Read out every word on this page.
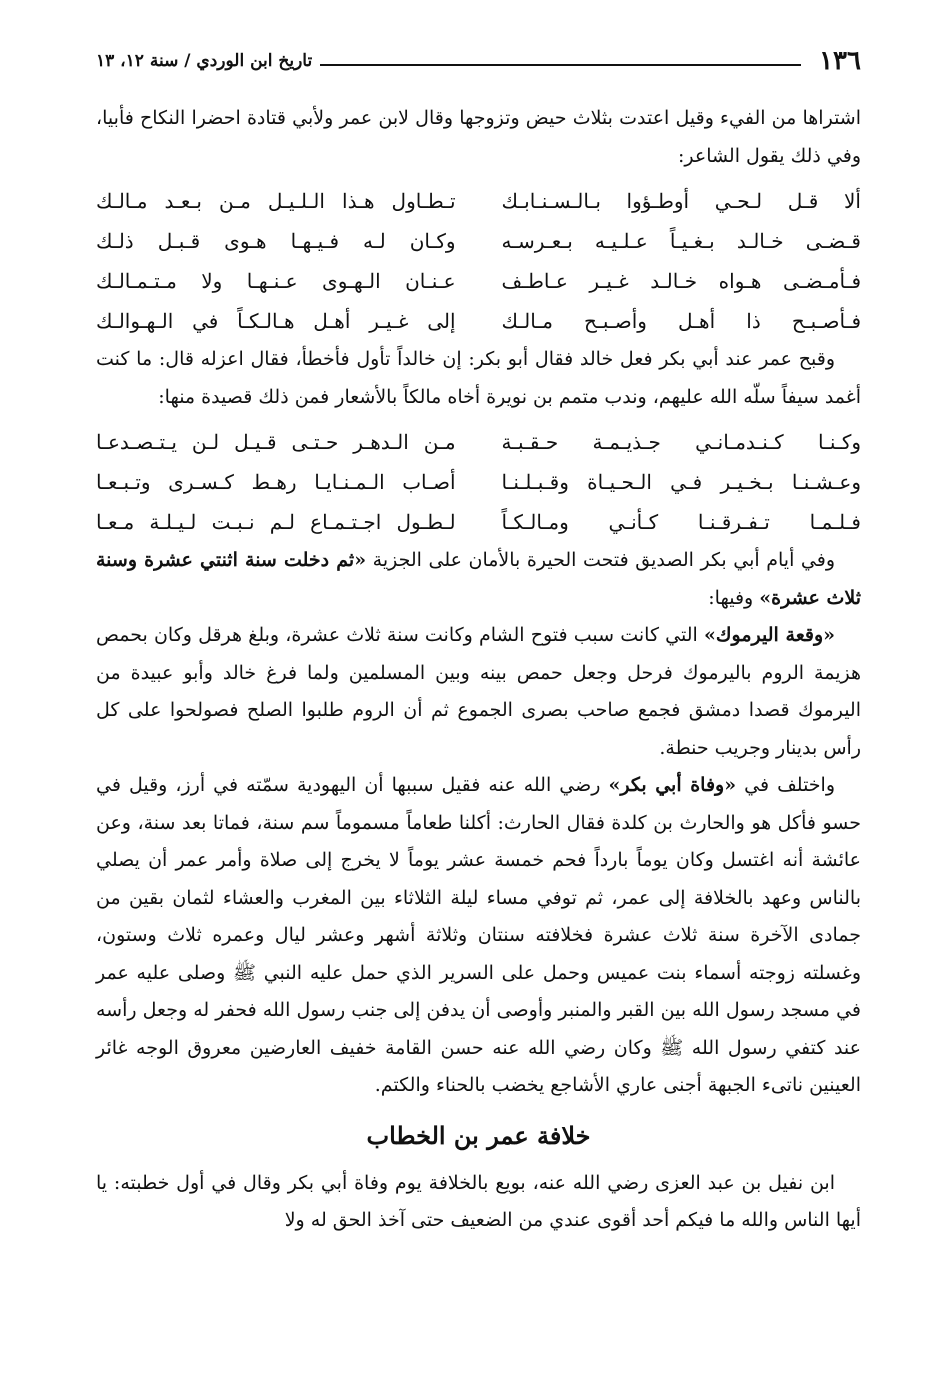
١٣٦
تاريخ ابن الوردي / سنة ١٢، ١٣

اشتراها من الفيء وقيل اعتدت بثلاث حيض وتزوجها وقال لابن عمر ولأبي قتادة احضرا النكاح فأبيا، وفي ذلك يقول الشاعر:

ألا قـل لـحـي أوطـؤوا بـالـسـنـابـك
تـطـاول هـذا الـلـيـل مـن بـعـد مـالـك
قـضـى خـالـد بـغـيـاً عـلـيـه بـعـرسـه
وكـان لـه فـيـهـا هـوى قـبـل ذلـك
فـأمـضـى هـواه خـالـد غـيـر عـاطـف
عـنـان الـهـوى عـنـهـا ولا مـتـمـالـك
فـأصـبـح ذا أهـل وأصـبـح مـالـك
إلى غـيـر أهـل هـالـكـاً في الـهـوالـك

وقبح عمر عند أبي بكر فعل خالد فقال أبو بكر: إن خالداً تأول فأخطأ، فقال اعزله قال: ما كنت أغمد سيفاً سلّه الله عليهم، وندب متمم بن نويرة أخاه مالكاً بالأشعار فمن ذلك قصيدة منها:

وكـنـا كـنـدمـانـي جـذيـمـة حـقـبـة
مـن الـدهـر حـتـى قـيـل لـن يـتـصـدعـا
وعـشـنـا بـخـيـر فـي الـحـيـاة وقـبـلـنـا
أصـاب الـمـنـايـا رهـط كـسـرى وتـبـعـا
فـلـمـا تـفـرقـنـا كـأنـي ومـالـكـاً
لـطـول اجـتـمـاع لـم نـبـت لـيـلـة مـعـا

وفي أيام أبي بكر الصديق فتحت الحيرة بالأمان على الجزية «ثم دخلت سنة اثنتي عشرة وسنة ثلاث عشرة» وفيها:

«وقعة اليرموك» التي كانت سبب فتوح الشام وكانت سنة ثلاث عشرة، وبلغ هرقل وكان بحمص هزيمة الروم باليرموك فرحل وجعل حمص بينه وبين المسلمين ولما فرغ خالد وأبو عبيدة من اليرموك قصدا دمشق فجمع صاحب بصرى الجموع ثم أن الروم طلبوا الصلح فصولحوا على كل رأس بدينار وجريب حنطة.

واختلف في «وفاة أبي بكر» رضي الله عنه فقيل سببها أن اليهودية سمّته في أرز، وقيل في حسو فأكل هو والحارث بن كلدة فقال الحارث: أكلنا طعاماً مسموماً سم سنة، فماتا بعد سنة، وعن عائشة أنه اغتسل وكان يوماً بارداً فحم خمسة عشر يوماً لا يخرج إلى صلاة وأمر عمر أن يصلي بالناس وعهد بالخلافة إلى عمر، ثم توفي مساء ليلة الثلاثاء بين المغرب والعشاء لثمان بقين من جمادى الآخرة سنة ثلاث عشرة فخلافته سنتان وثلاثة أشهر وعشر ليال وعمره ثلاث وستون، وغسلته زوجته أسماء بنت عميس وحمل على السرير الذي حمل عليه النبي ﷺ وصلى عليه عمر في مسجد رسول الله بين القبر والمنبر وأوصى أن يدفن إلى جنب رسول الله فحفر له وجعل رأسه عند كتفي رسول الله ﷺ وكان رضي الله عنه حسن القامة خفيف العارضين معروق الوجه غائر العينين ناتىء الجبهة أجنى عاري الأشاجع يخضب بالحناء والكتم.

خلافة عمر بن الخطاب

ابن نفيل بن عبد العزى رضي الله عنه، بويع بالخلافة يوم وفاة أبي بكر وقال في أول خطبته: يا أيها الناس والله ما فيكم أحد أقوى عندي من الضعيف حتى آخذ الحق له ولا
